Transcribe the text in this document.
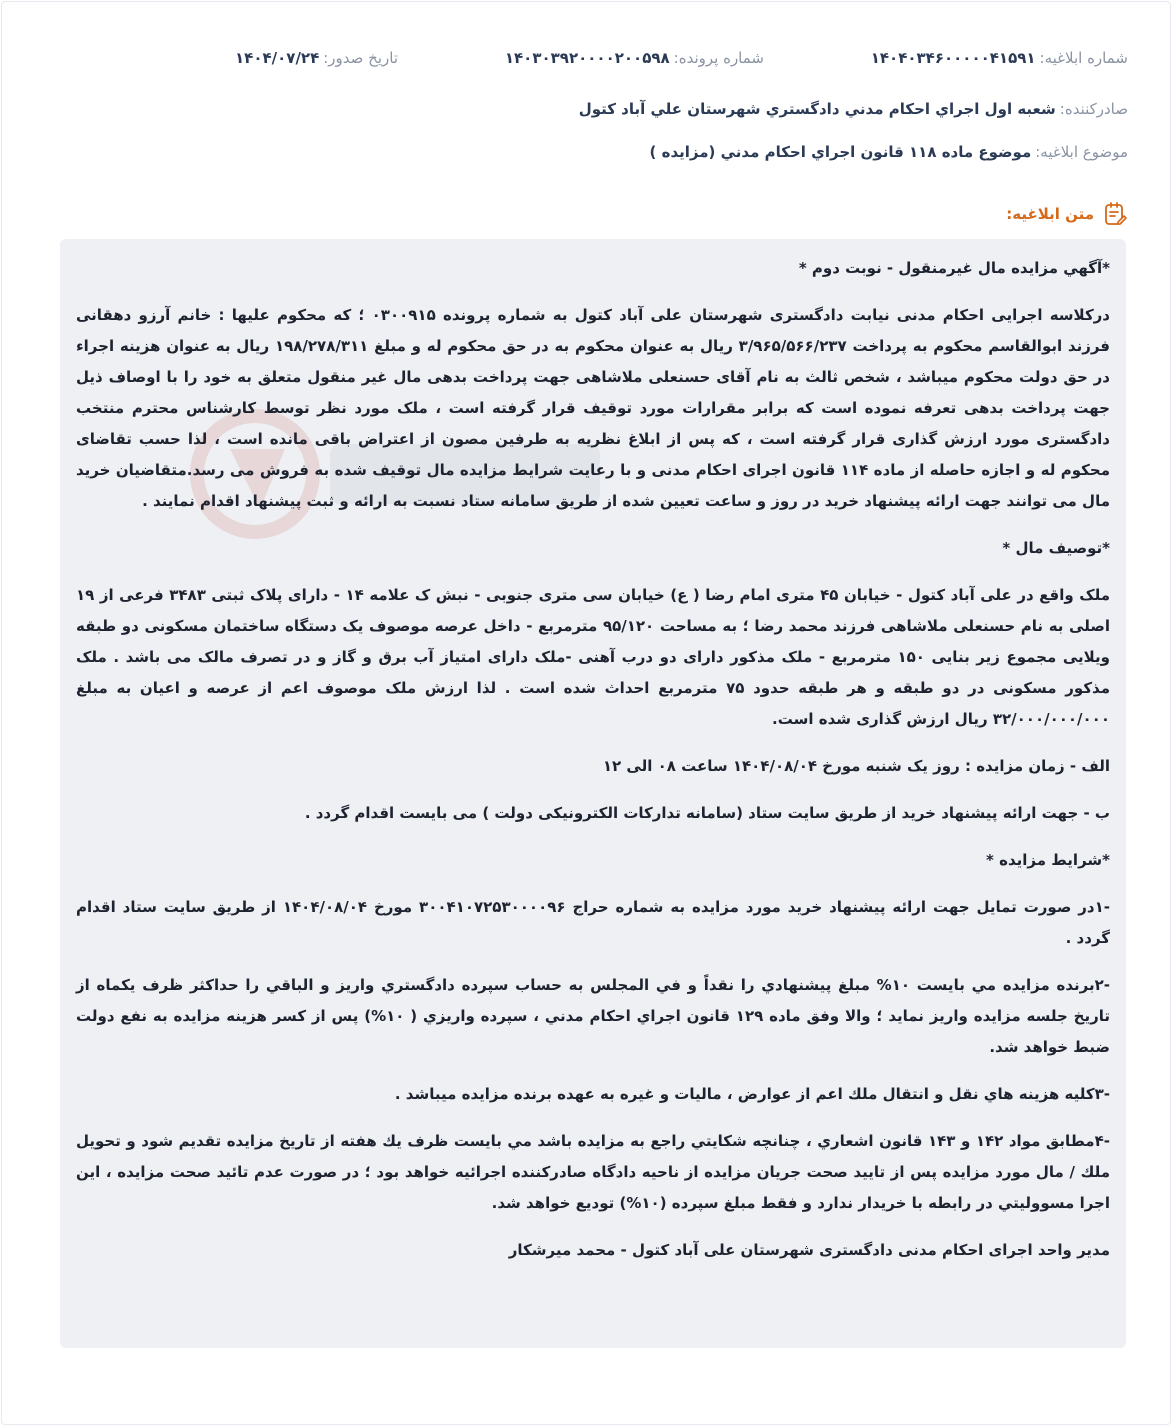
شماره ابلاغیه:
۱۴۰۴۰۳۴۶۰۰۰۰۰۴۱۵۹۱
شماره پرونده:
۱۴۰۳۰۳۹۲۰۰۰۰۲۰۰۵۹۸
تاریخ صدور:
۱۴۰۴/۰۷/۲۴
صادرکننده:
شعبه اول اجراي احكام مدني دادگستري شهرستان علي آباد كتول
موضوع ابلاغیه:
موضوع ماده ۱۱۸ قانون اجراي احكام مدني (مزايده )
متن ابلاغیه:

*آگهي مزايده مال غيرمنقول - نوبت دوم *

درکلاسه اجرایی احکام مدنی نیابت دادگستری شهرستان علی آباد کتول به شماره پرونده ۰۳۰۰۹۱۵ ؛ که محکوم علیها : خانم آرزو دهقانی فرزند ابوالقاسم محکوم به پرداخت ۳/۹۶۵/۵۶۶/۲۳۷ ریال به عنوان محکوم به در حق محکوم له و مبلغ ۱۹۸/۲۷۸/۳۱۱ ریال به عنوان هزینه اجراء در حق دولت محکوم میباشد ، شخص ثالث به نام آقای حسنعلی ملاشاهی جهت پرداخت بدهی مال غیر منقول متعلق به خود را با اوصاف ذیل جهت پرداخت بدهی تعرفه نموده است که برابر مقرارات مورد توقیف قرار گرفته است ، ملک مورد نظر توسط کارشناس محترم منتخب دادگستری مورد ارزش گذاری قرار گرفته است ، که پس از ابلاغ نظریه به طرفین مصون از اعتراض باقی مانده است ، لذا حسب تقاضای محکوم له و اجازه حاصله از ماده ۱۱۴ قانون اجرای احکام مدنی و با رعایت شرایط مزایده مال توقیف شده به فروش می رسد.متقاضیان خرید مال می توانند جهت ارائه پیشنهاد خرید در روز و ساعت تعیین شده از طریق سامانه ستاد نسبت به ارائه و ثبت پیشنهاد اقدام نمایند .

*توصيف مال *

ملک واقع در علی آباد کتول - خیابان ۴۵ متری امام رضا ( ع) خیابان سی متری جنوبی - نبش ک علامه ۱۴ - دارای پلاک ثبتی ۳۴۸۳ فرعی از ۱۹ اصلی به نام حسنعلی ملاشاهی فرزند محمد رضا ؛ به مساحت ۹۵/۱۲۰ مترمربع - داخل عرصه موصوف یک دستگاه ساختمان مسکونی دو طبقه ویلایی مجموع زیر بنایی ۱۵۰ مترمربع - ملک مذکور دارای دو درب آهنی -ملک دارای امتیاز آب برق و گاز و در تصرف مالک می باشد . ملک مذکور مسکونی در دو طبقه و هر طبقه حدود ۷۵ مترمربع احداث شده است . لذا ارزش ملک موصوف اعم از عرصه و اعیان به مبلغ ۳۲/۰۰۰/۰۰۰/۰۰۰ ریال ارزش گذاری شده است.

الف - زمان مزایده : روز یک شنبه مورخ ۱۴۰۴/۰۸/۰۴ ساعت ۰۸ الی ۱۲

ب - جهت ارائه پیشنهاد خرید از طریق سایت ستاد (سامانه تدارکات الکترونیکی دولت ) می بایست اقدام گردد .

*شرايط مزايده *

-۱در صورت تمایل جهت ارائه پیشنهاد خرید مورد مزایده به شماره حراج ۳۰۰۴۱۰۷۲۵۳۰۰۰۰۹۶ مورخ ۱۴۰۴/۰۸/۰۴ از طریق سایت ستاد اقدام گردد .

-۲برنده مزايده مي بايست ۱۰% مبلغ پيشنهادي را نقداً و في المجلس به حساب سپرده دادگستري واريز و الباقي را حداكثر ظرف يكماه از تاريخ جلسه مزايده واريز نمايد ؛ والا وفق ماده ۱۲۹ قانون اجراي احكام مدني ، سپرده واريزي ( ۱۰%) پس از كسر هزينه مزايده به نفع دولت ضبط خواهد شد.

-۳كليه هزينه هاي نقل و انتقال ملك اعم از عوارض ، ماليات و غيره به عهده برنده مزايده ميباشد .

-۴مطابق مواد ۱۴۲ و ۱۴۳ قانون اشعاري ، چنانچه شكايتي راجع به مزايده باشد مي بايست ظرف يك هفته از تاريخ مزايده تقديم شود و تحويل ملك / مال مورد مزايده پس از تاييد صحت جريان مزايده از ناحيه دادگاه صادركننده اجرائيه خواهد بود ؛ در صورت عدم تائيد صحت مزايده ، اين اجرا مسووليتي در رابطه با خريدار ندارد و فقط مبلغ سپرده (۱۰%) توديع خواهد شد.

مدير واحد اجرای احکام مدنی دادگستری شهرستان علی آباد کتول - محمد میرشکار
